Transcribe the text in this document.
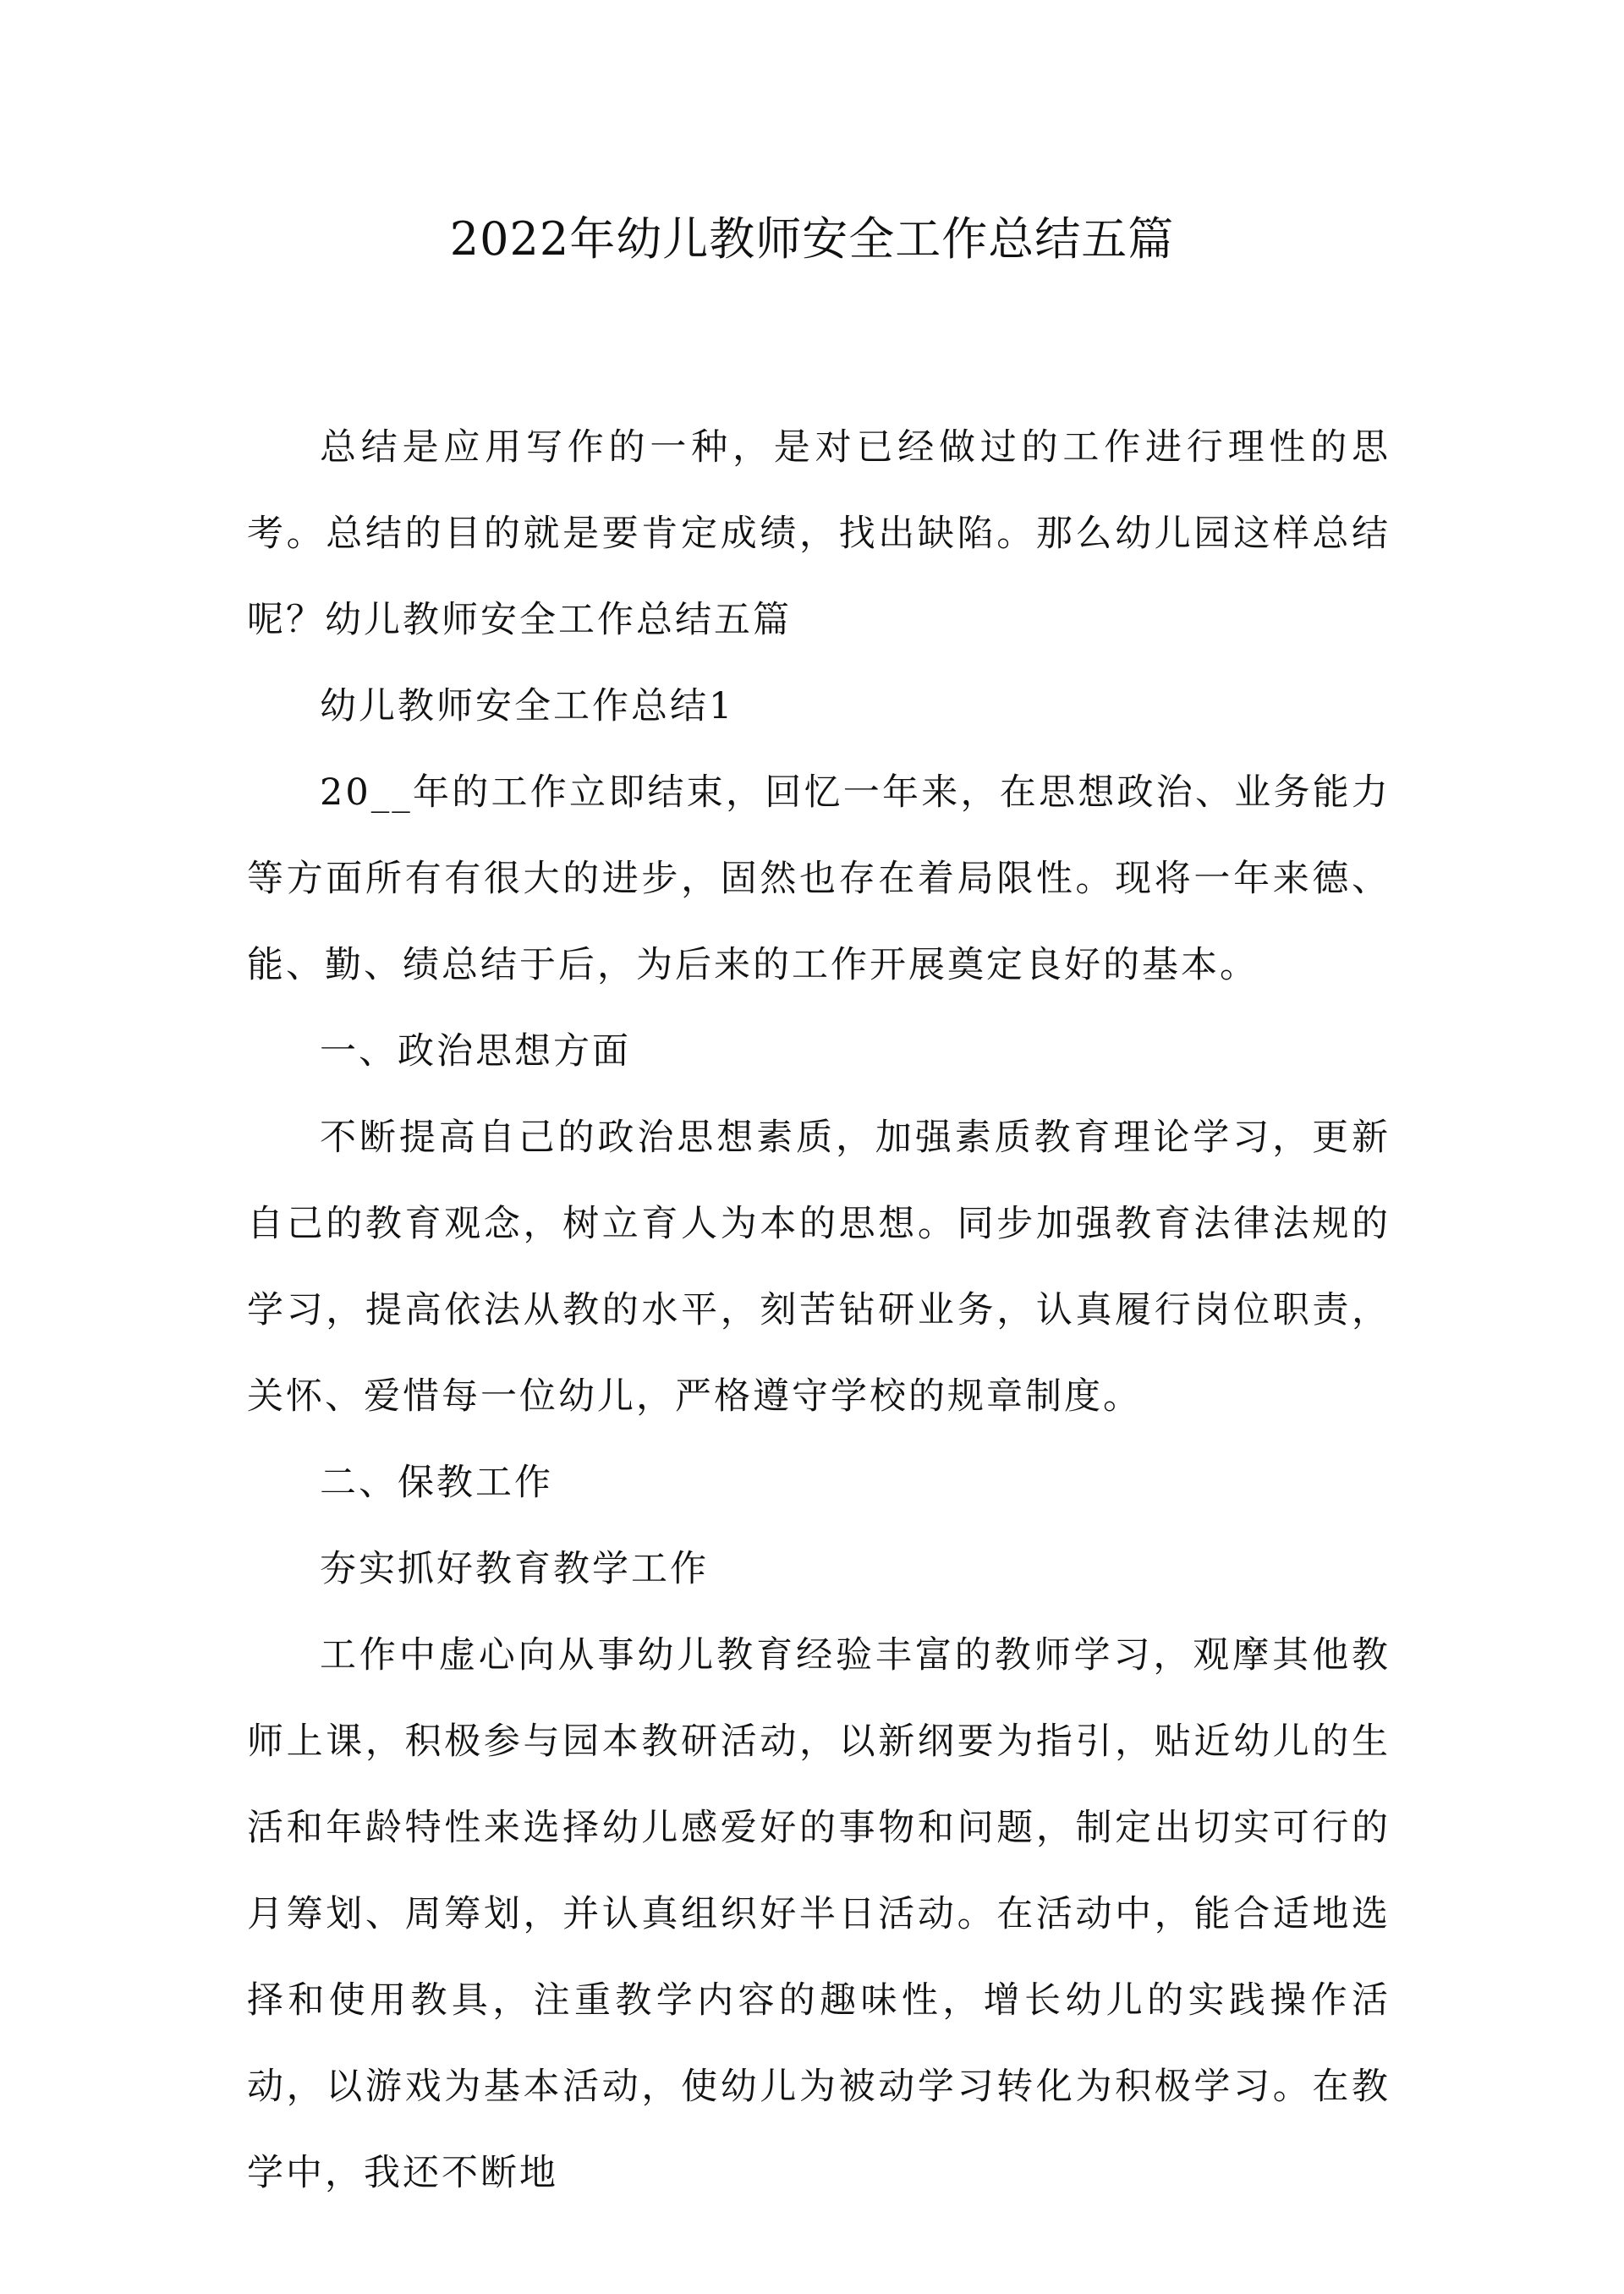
2022年幼儿教师安全工作总结五篇

总结是应用写作的一种，是对已经做过的工作进行理性的思考。总结的目的就是要肯定成绩，找出缺陷。那么幼儿园这样总结呢？幼儿教师安全工作总结五篇

幼儿教师安全工作总结1

20__年的工作立即结束，回忆一年来，在思想政治、业务能力等方面所有有很大的进步，固然也存在着局限性。现将一年来德、能、勤、绩总结于后，为后来的工作开展奠定良好的基本。

一、政治思想方面

不断提高自己的政治思想素质，加强素质教育理论学习，更新自己的教育观念，树立育人为本的思想。同步加强教育法律法规的学习，提高依法从教的水平，刻苦钻研业务，认真履行岗位职责，关怀、爱惜每一位幼儿，严格遵守学校的规章制度。

二、保教工作

夯实抓好教育教学工作

工作中虚心向从事幼儿教育经验丰富的教师学习，观摩其他教师上课，积极参与园本教研活动，以新纲要为指引，贴近幼儿的生活和年龄特性来选择幼儿感爱好的事物和问题，制定出切实可行的月筹划、周筹划，并认真组织好半日活动。在活动中，能合适地选择和使用教具，注重教学内容的趣味性，增长幼儿的实践操作活动，以游戏为基本活动，使幼儿为被动学习转化为积极学习。在教学中，我还不断地
